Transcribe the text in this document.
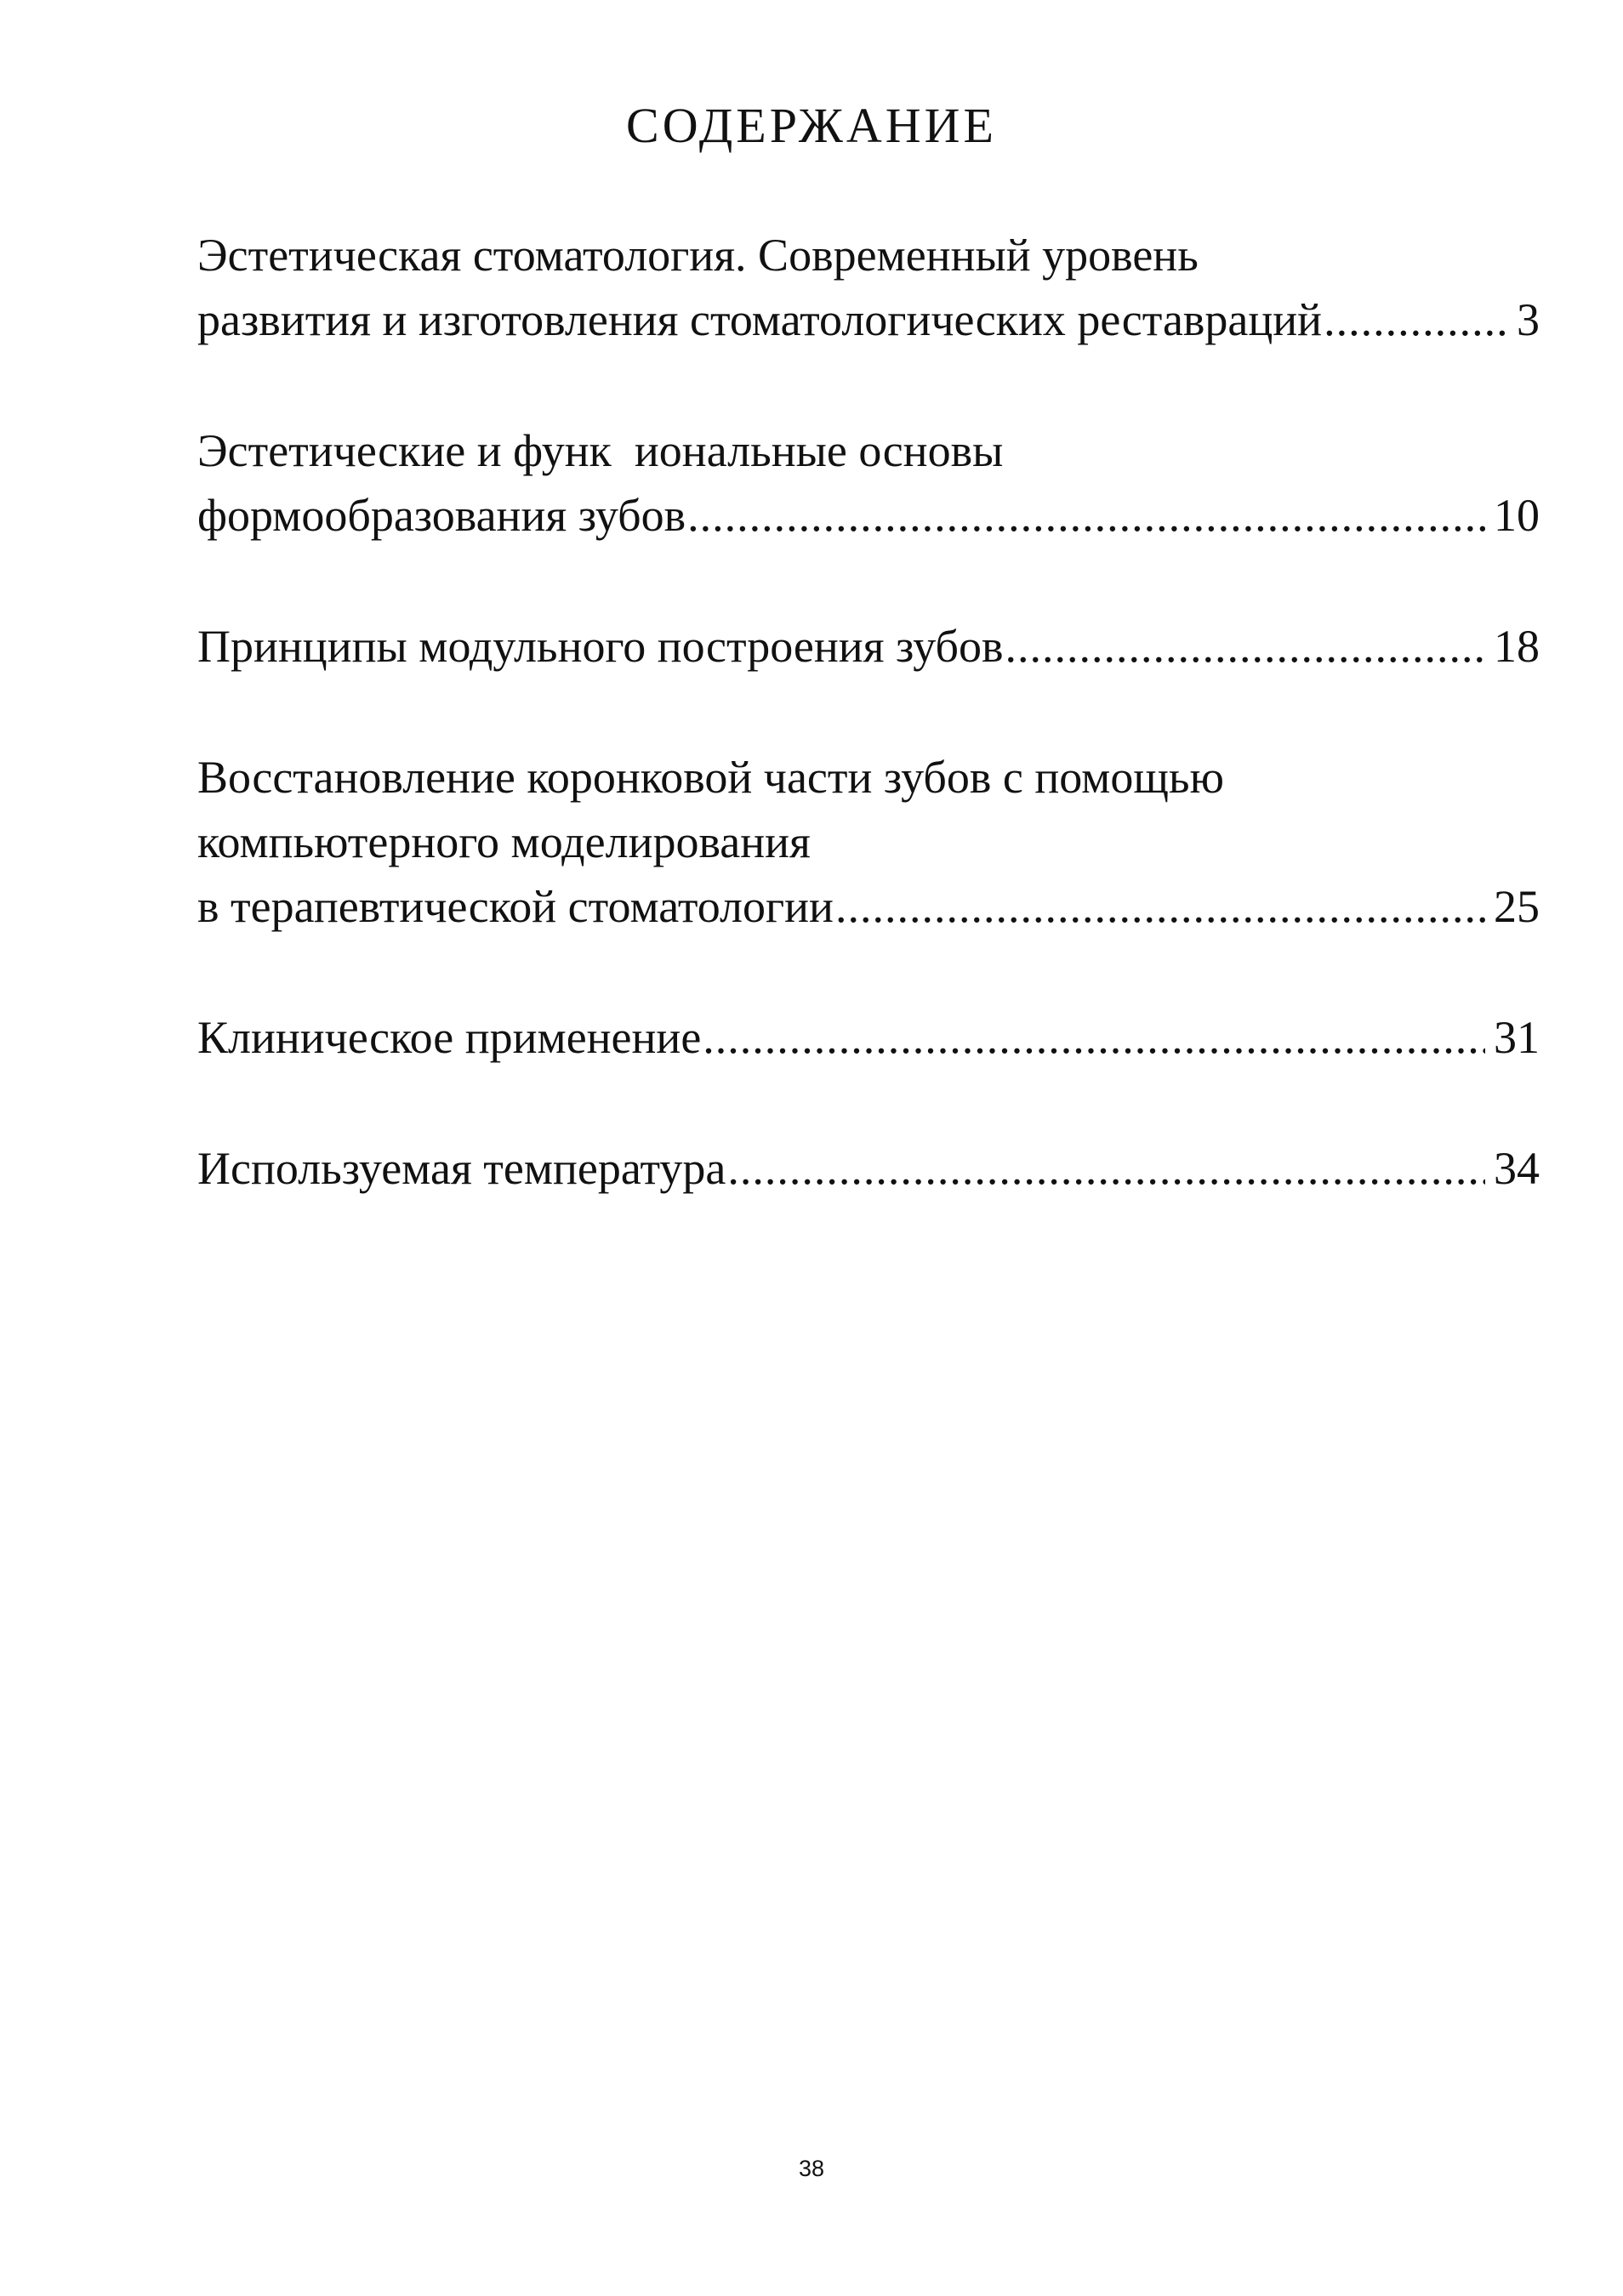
СОДЕРЖАНИЕ
Эстетическая стоматология. Современный уровень
развития и изготовления стоматологических реставраций .....	3
Эстетические и функ  иональные основы
формообразования зубов .....	10
Принципы модульного построения зубов .....	18
Восстановление коронковой части зубов с помощью
компьютерного моделирования
в терапевтической стоматологии .....	25
Клиническое применение .....	31
Используемая температура .....	34
38
